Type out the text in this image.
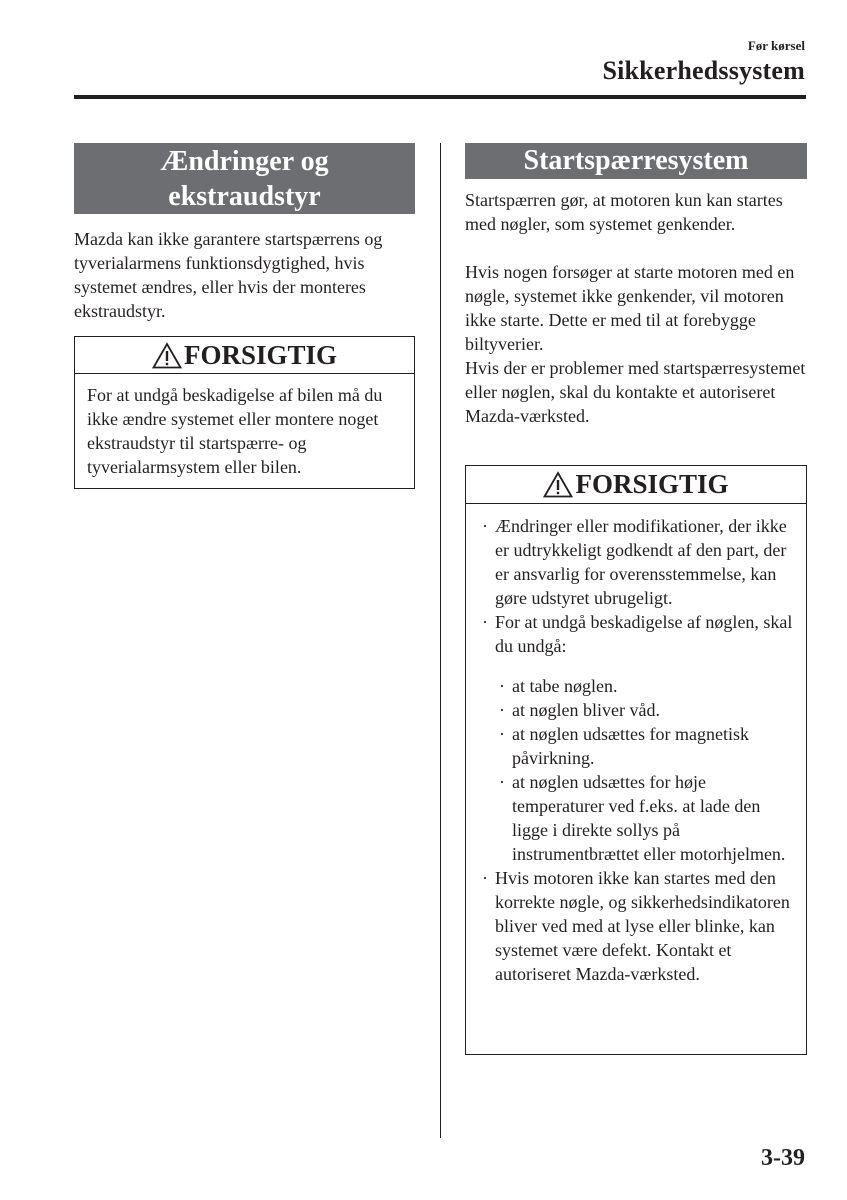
Før kørsel
Sikkerhedssystem
Ændringer og
ekstraudstyr
Mazda kan ikke garantere startspærrens og tyverialarmens funktionsdygtighed, hvis systemet ændres, eller hvis der monteres ekstraudstyr.
FORSIGTIG
For at undgå beskadigelse af bilen må du ikke ændre systemet eller montere noget ekstraudstyr til startspærre- og tyverialarmsystem eller bilen.
Startspærresystem
Startspærren gør, at motoren kun kan startes med nøgler, som systemet genkender.
Hvis nogen forsøger at starte motoren med en nøgle, systemet ikke genkender, vil motoren ikke starte. Dette er med til at forebygge biltyverier.
Hvis der er problemer med startspærresystemet eller nøglen, skal du kontakte et autoriseret Mazda-værksted.
FORSIGTIG
· Ændringer eller modifikationer, der ikke er udtrykkeligt godkendt af den part, der er ansvarlig for overensstemmelse, kan gøre udstyret ubrugeligt.
· For at undgå beskadigelse af nøglen, skal du undgå:
· at tabe nøglen.
· at nøglen bliver våd.
· at nøglen udsættes for magnetisk påvirkning.
· at nøglen udsættes for høje temperaturer ved f.eks. at lade den ligge i direkte sollys på instrumentbrættet eller motorhjelmen.
· Hvis motoren ikke kan startes med den korrekte nøgle, og sikkerhedsindikatoren bliver ved med at lyse eller blinke, kan systemet være defekt. Kontakt et autoriseret Mazda-værksted.
3-39
